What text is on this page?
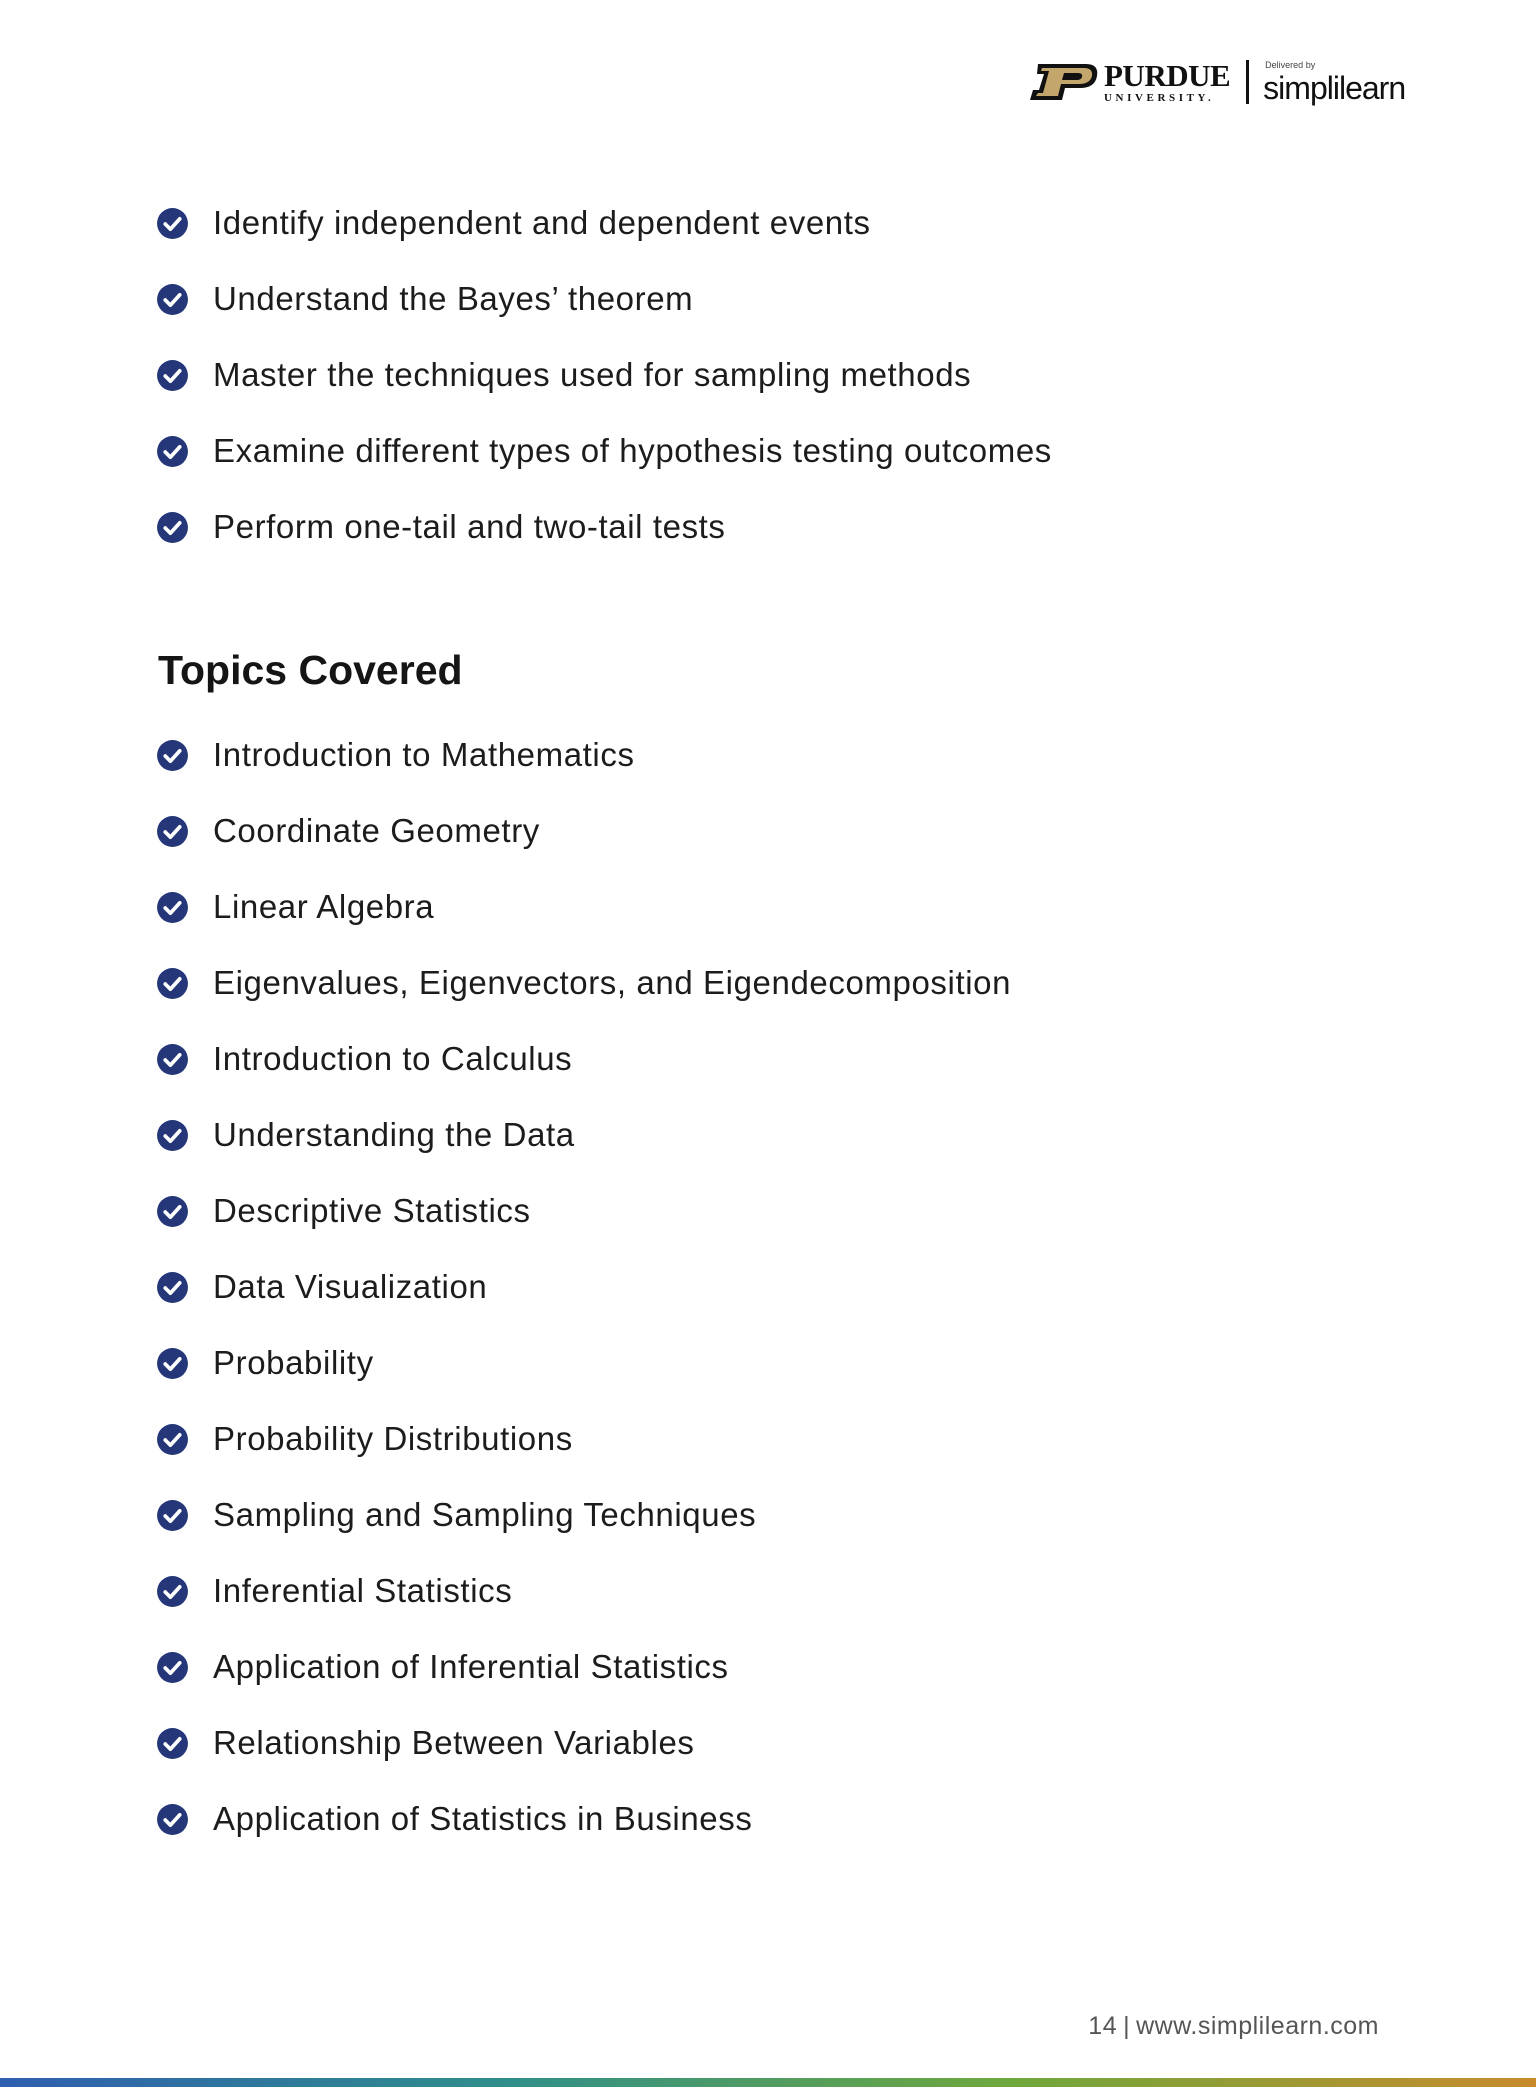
PURDUE
UNIVERSITY.
Delivered by
simplilearn
Identify independent and dependent events
Understand the Bayes’ theorem
Master the techniques used for sampling methods
Examine different types of hypothesis testing outcomes
Perform one-tail and two-tail tests
Topics Covered
Introduction to Mathematics
Coordinate Geometry
Linear Algebra
Eigenvalues, Eigenvectors, and Eigendecomposition
Introduction to Calculus
Understanding the Data
Descriptive Statistics
Data Visualization
Probability
Probability Distributions
Sampling and Sampling Techniques
Inferential Statistics
Application of Inferential Statistics
Relationship Between Variables
Application of Statistics in Business
14 | www.simplilearn.com
